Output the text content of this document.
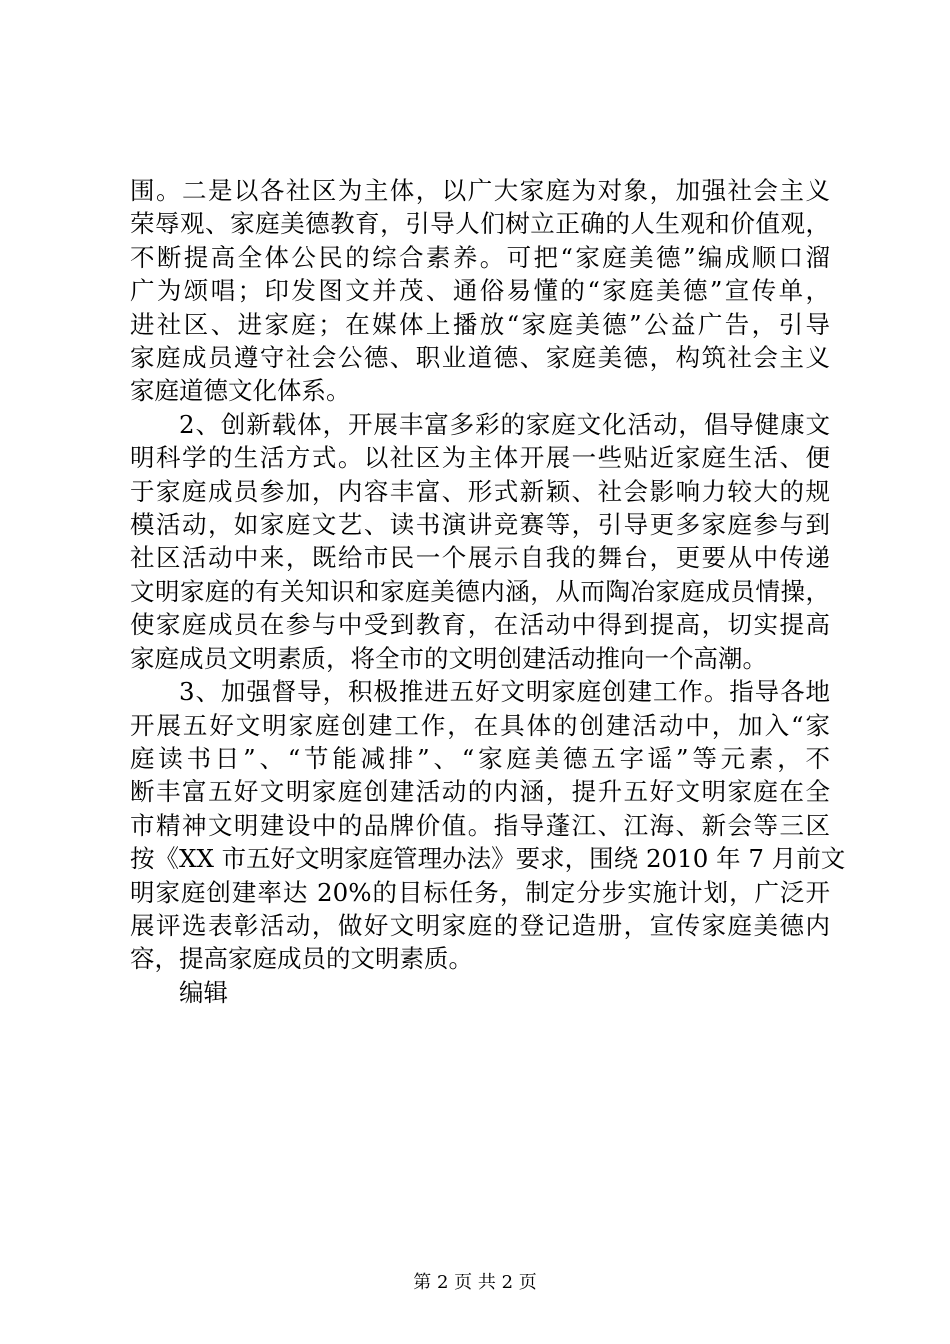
围。二是以各社区为主体，以广大家庭为对象，加强社会主义
荣辱观、家庭美德教育，引导人们树立正确的人生观和价值观，
不断提高全体公民的综合素养。可把“家庭美德”编成顺口溜
广为颂唱；印发图文并茂、通俗易懂的“家庭美德”宣传单，
进社区、进家庭；在媒体上播放“家庭美德”公益广告，引导
家庭成员遵守社会公德、职业道德、家庭美德，构筑社会主义
家庭道德文化体系。
2、创新载体，开展丰富多彩的家庭文化活动，倡导健康文
明科学的生活方式。以社区为主体开展一些贴近家庭生活、便
于家庭成员参加，内容丰富、形式新颖、社会影响力较大的规
模活动，如家庭文艺、读书演讲竞赛等，引导更多家庭参与到
社区活动中来，既给市民一个展示自我的舞台，更要从中传递
文明家庭的有关知识和家庭美德内涵，从而陶冶家庭成员情操，
使家庭成员在参与中受到教育，在活动中得到提高，切实提高
家庭成员文明素质，将全市的文明创建活动推向一个高潮。
3、加强督导，积极推进五好文明家庭创建工作。指导各地
开展五好文明家庭创建工作，在具体的创建活动中，加入“家
庭读书日”、“节能减排”、“家庭美德五字谣”等元素，不
断丰富五好文明家庭创建活动的内涵，提升五好文明家庭在全
市精神文明建设中的品牌价值。指导蓬江、江海、新会等三区
按《XX 市五好文明家庭管理办法》要求，围绕 2010 年 7 月前文
明家庭创建率达 20%的目标任务，制定分步实施计划，广泛开
展评选表彰活动，做好文明家庭的登记造册，宣传家庭美德内
容，提高家庭成员的文明素质。
编辑
第 2 页 共 2 页
